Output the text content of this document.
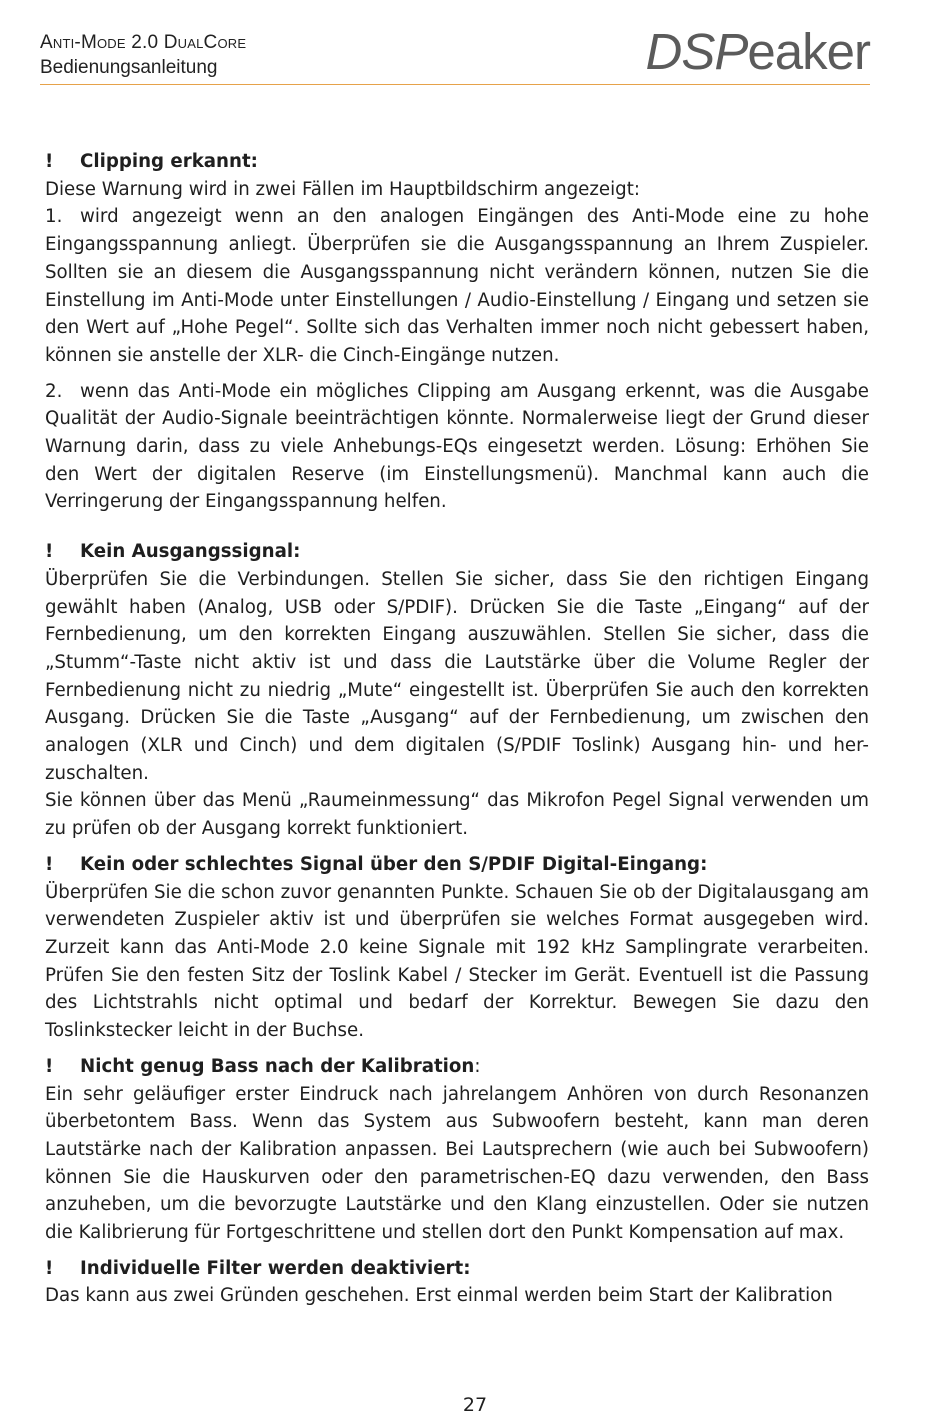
Anti-Mode 2.0 DualCore
Bedienungsanleitung	DSPeaker

! Clipping erkannt:

Diese Warnung wird in zwei Fällen im Hauptbildschirm angezeigt:

1. wird angezeigt wenn an den analogen Eingängen des Anti-Mode eine zu hohe Eingangsspannung anliegt. Überprüfen sie die Ausgangsspannung an Ihrem Zuspieler. Sollten sie an diesem die Ausgangsspannung nicht verändern können, nutzen Sie die Einstellung im Anti-Mode unter Einstellungen / Audio-Einstellung / Eingang und setzen sie den Wert auf „Hohe Pegel“. Sollte sich das Verhalten immer noch nicht gebessert haben, können sie anstelle der XLR- die Cinch-Eingänge nutzen.

2. wenn das Anti-Mode ein mögliches Clipping am Ausgang erkennt, was die Ausgabe Qualität der Audio-Signale beeinträchtigen könnte. Normalerweise liegt der Grund dieser Warnung darin, dass zu viele Anhebungs-EQs eingesetzt werden. Lösung: Erhöhen Sie den Wert der digitalen Reserve (im Einstellungsmenü). Manchmal kann auch die Verringerung der Eingangsspannung helfen.

! Kein Ausgangssignal:

Überprüfen Sie die Verbindungen. Stellen Sie sicher, dass Sie den richtigen Eingang gewählt haben (Analog, USB oder S/PDIF). Drücken Sie die Taste „Eingang“ auf der Fernbedienung, um den korrekten Eingang auszuwählen. Stellen Sie sicher, dass die „Stumm“-Taste nicht aktiv ist und dass die Lautstärke über die Volume Regler der Fernbedienung nicht zu niedrig „Mute“ eingestellt ist. Überprüfen Sie auch den korrekten Ausgang. Drücken Sie die Taste „Ausgang“ auf der Fernbedienung, um zwischen den analogen (XLR und Cinch) und dem digitalen (S/PDIF Toslink) Ausgang hin- und her-zuschalten.

Sie können über das Menü „Raumeinmessung“ das Mikrofon Pegel Signal verwenden um zu prüfen ob der Ausgang korrekt funktioniert.

! Kein oder schlechtes Signal über den S/PDIF Digital-Eingang:

Überprüfen Sie die schon zuvor genannten Punkte. Schauen Sie ob der Digitalausgang am verwendeten Zuspieler aktiv ist und überprüfen sie welches Format ausgegeben wird. Zurzeit kann das Anti-Mode 2.0 keine Signale mit 192 kHz Samplingrate verarbeiten. Prüfen Sie den festen Sitz der Toslink Kabel / Stecker im Gerät. Eventuell ist die Passung des Lichtstrahls nicht optimal und bedarf der Korrektur. Bewegen Sie dazu den Toslinkstecker leicht in der Buchse.

! Nicht genug Bass nach der Kalibration:

Ein sehr geläufiger erster Eindruck nach jahrelangem Anhören von durch Resonanzen überbetontem Bass. Wenn das System aus Subwoofern besteht, kann man deren Lautstärke nach der Kalibration anpassen. Bei Lautsprechern (wie auch bei Subwoofern) können Sie die Hauskurven oder den parametrischen-EQ dazu verwenden, den Bass anzuheben, um die bevorzugte Lautstärke und den Klang einzustellen. Oder sie nutzen die Kalibrierung für Fortgeschrittene und stellen dort den Punkt Kompensation auf max.

! Individuelle Filter werden deaktiviert:

Das kann aus zwei Gründen geschehen. Erst einmal werden beim Start der Kalibration

27
